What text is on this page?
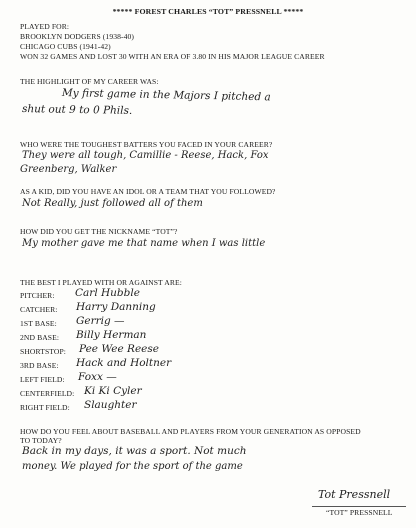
***** FOREST CHARLES “TOT” PRESSNELL *****
PLAYED FOR:
BROOKLYN DODGERS (1938-40)
CHICAGO CUBS (1941-42)
WON 32 GAMES AND LOST 30 WITH AN ERA OF 3.80 IN HIS MAJOR LEAGUE CAREER
THE HIGHLIGHT OF MY CAREER WAS:
My first game in the Majors I pitched a
shut out 9 to 0 Phils.
WHO WERE THE TOUGHEST BATTERS YOU FACED IN YOUR CAREER?
They were all tough, Camillie - Reese, Hack, Fox
Greenberg, Walker
AS A KID, DID YOU HAVE AN IDOL OR A TEAM THAT YOU FOLLOWED?
Not Really, just followed all of them
HOW DID YOU GET THE NICKNAME “TOT”?
My mother gave me that name when I was little
THE BEST I PLAYED WITH OR AGAINST ARE:
PITCHER: Carl Hubble
CATCHER: Harry Danning
1ST BASE: Gerrig —
2ND BASE: Billy Herman
SHORTSTOP: Pee Wee Reese
3RD BASE: Hack and Holtner
LEFT FIELD: Foxx —
CENTERFIELD: Ki Ki Cyler
RIGHT FIELD: Slaughter
HOW DO YOU FEEL ABOUT BASEBALL AND PLAYERS FROM YOUR GENERATION AS OPPOSED
TO TODAY?
Back in my days, it was a sport. Not much
money. We played for the sport of the game
Tot Pressnell
“TOT” PRESSNELL
